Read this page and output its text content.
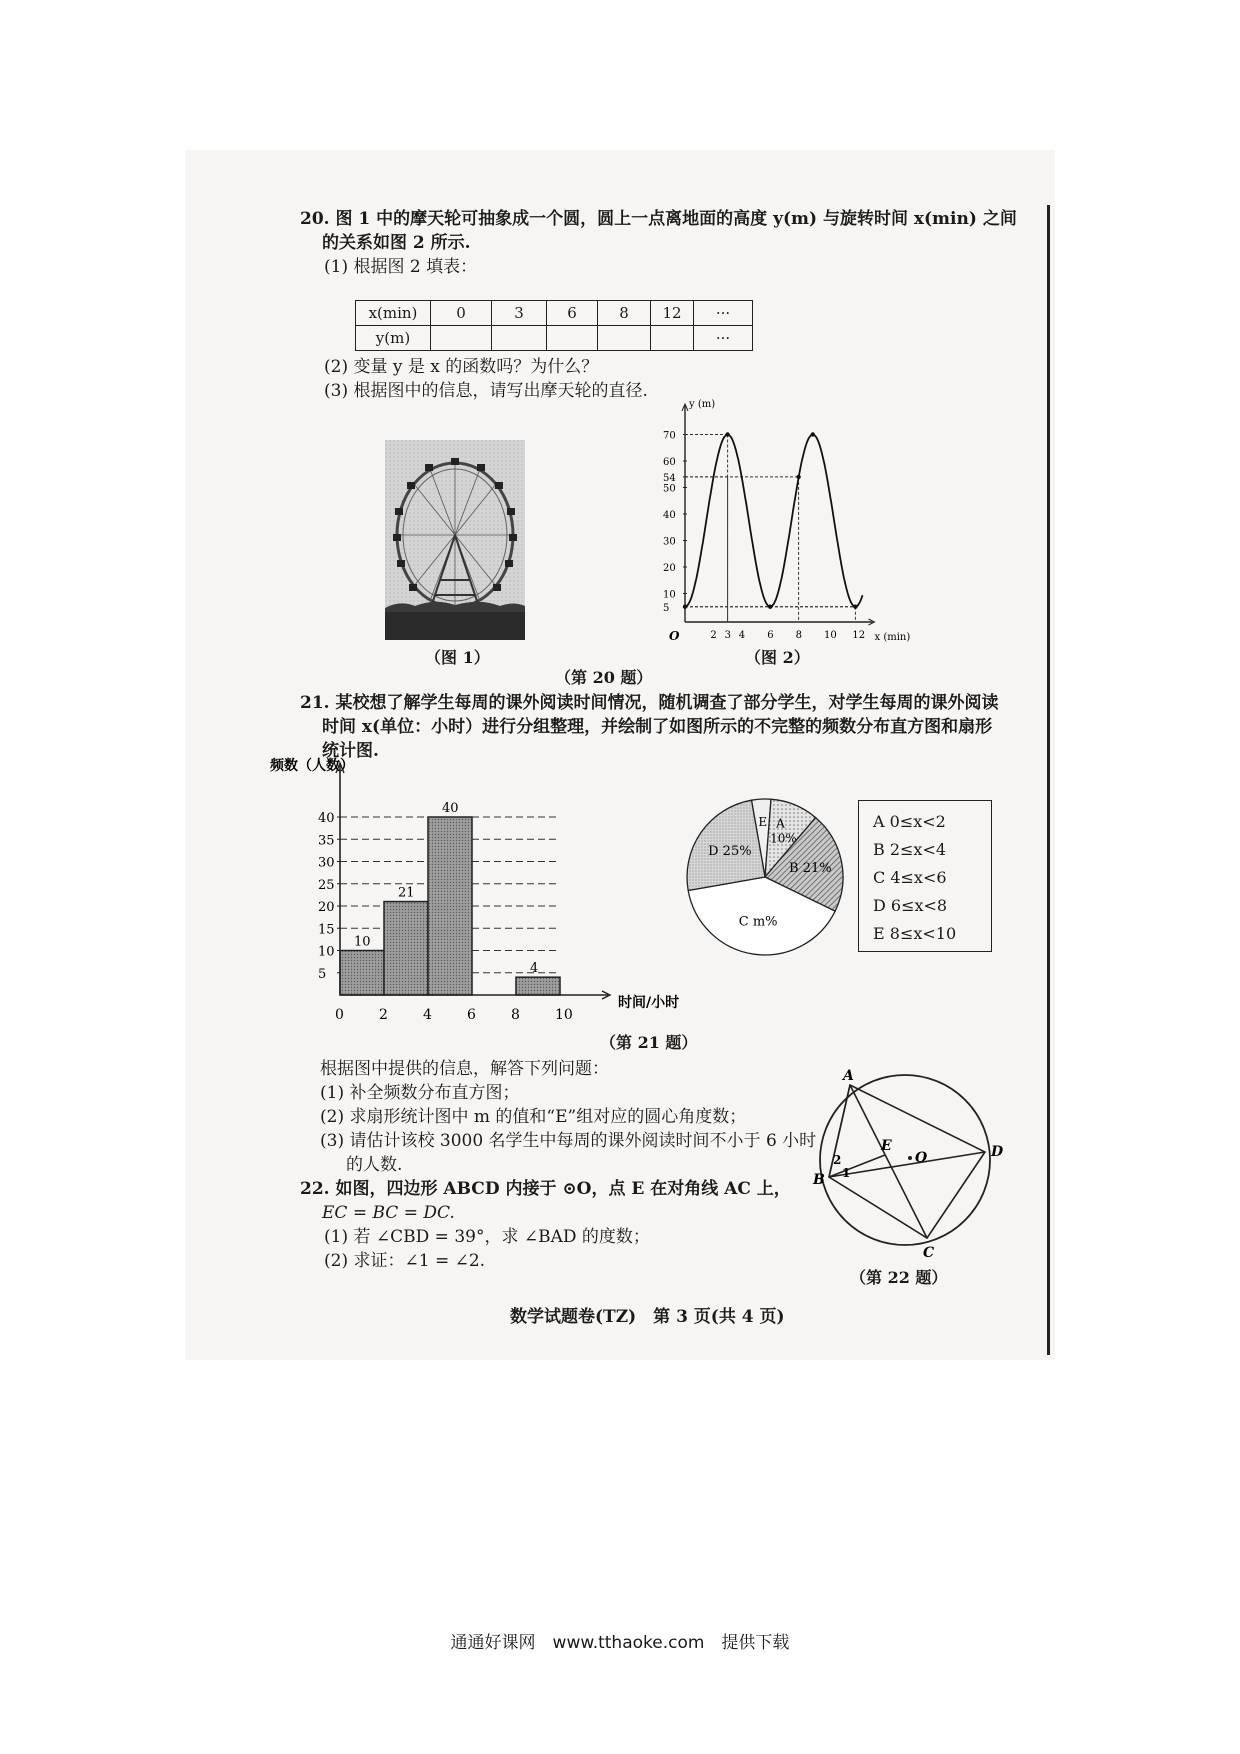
20. 图 1 中的摩天轮可抽象成一个圆，圆上一点离地面的高度 y(m) 与旋转时间 x(min) 之间
的关系如图 2 所示.
(1) 根据图 2 填表：
x(min)	0	3	6	8	12	···
y(m)						···
(2) 变量 y 是 x 的函数吗？为什么？
(3) 根据图中的信息，请写出摩天轮的直径.
（图 1）
y (m)
x (min)
O
5
10
20
30
40
50
54
60
70
2 3 4 6 8 10 12
（图 2）
（第 20 题）
21. 某校想了解学生每周的课外阅读时间情况，随机调查了部分学生，对学生每周的课外阅读
时间 x(单位：小时）进行分组整理，并绘制了如图所示的不完整的频数分布直方图和扇形
统计图.
5
10
15
20
25
30
35
40
10
21
40
4
频数（人数）
时间/小时
0	2	4	6	8	10
（第 21 题）
E A
10%
B 21%
C m%
D 25%
A 0≤x<2
B 2≤x<4
C 4≤x<6
D 6≤x<8
E 8≤x<10
根据图中提供的信息，解答下列问题：
(1) 补全频数分布直方图；
(2) 求扇形统计图中 m 的值和“E”组对应的圆心角度数；
(3) 请估计该校 3000 名学生中每周的课外阅读时间不小于 6 小时
的人数.
22. 如图，四边形 ABCD 内接于 ⊙O，点 E 在对角线 AC 上，
EC = BC = DC.
(1) 若 ∠CBD = 39°，求 ∠BAD 的度数；
(2) 求证：∠1 = ∠2.
A
B
C
D
E
O
1
2
（第 22 题）
数学试题卷(TZ)　第 3 页(共 4 页)
通通好课网　www.tthaoke.com　提供下载
